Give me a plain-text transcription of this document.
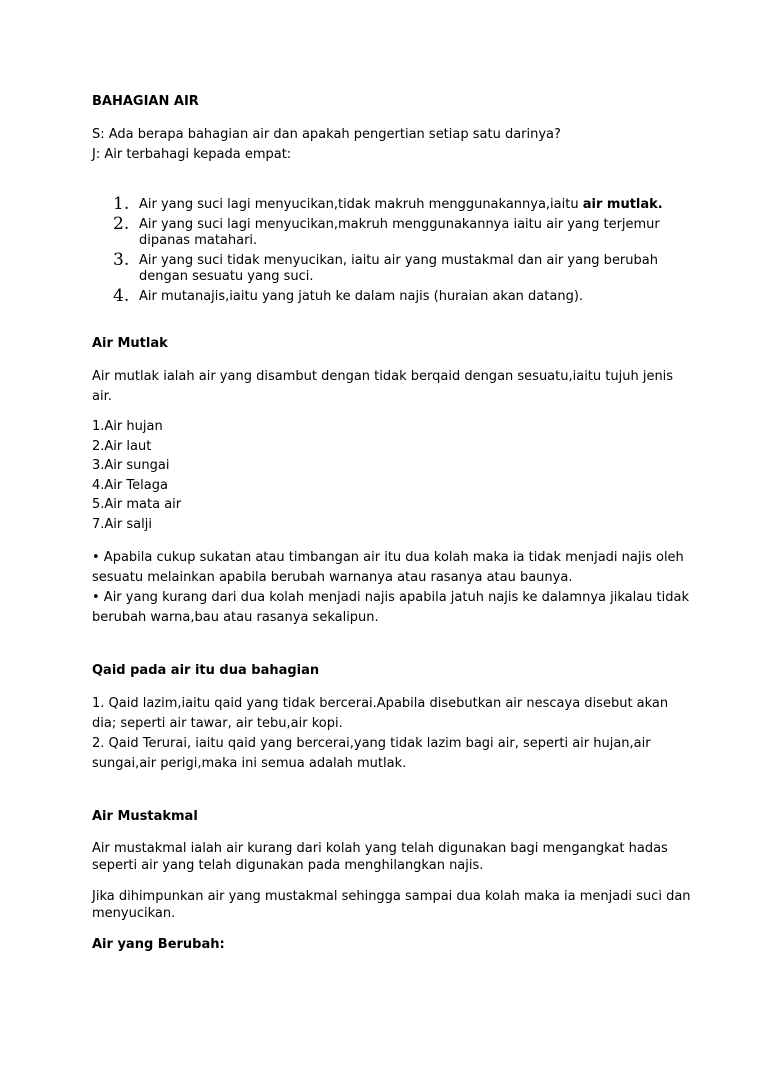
BAHAGIAN AIR

S: Ada berapa bahagian air dan apakah pengertian setiap satu darinya?

J: Air terbahagi kepada empat:

1. Air yang suci lagi menyucikan,tidak makruh menggunakannya,iaitu air mutlak.
2. Air yang suci lagi menyucikan,makruh menggunakannya iaitu air yang terjemur dipanas matahari.
3. Air yang suci tidak menyucikan, iaitu air yang mustakmal dan air yang berubah dengan sesuatu yang suci.
4. Air mutanajis,iaitu yang jatuh ke dalam najis (huraian akan datang).

Air Mutlak

Air mutlak ialah air yang disambut dengan tidak berqaid dengan sesuatu,iaitu tujuh jenis air.

1.Air hujan

2.Air laut

3.Air sungai

4.Air Telaga

5.Air mata air

7.Air salji

• Apabila cukup sukatan atau timbangan air itu dua kolah maka ia tidak menjadi najis oleh sesuatu melainkan apabila berubah warnanya atau rasanya atau baunya.

• Air yang kurang dari dua kolah menjadi najis apabila jatuh najis ke dalamnya jikalau tidak berubah warna,bau atau rasanya sekalipun.

Qaid pada air itu dua bahagian

1. Qaid lazim,iaitu qaid yang tidak bercerai.Apabila disebutkan air nescaya disebut akan dia; seperti air tawar, air tebu,air kopi.

2. Qaid Terurai, iaitu qaid yang bercerai,yang tidak lazim bagi air, seperti air hujan,air sungai,air perigi,maka ini semua adalah mutlak.

Air Mustakmal

Air mustakmal ialah air kurang dari kolah yang telah digunakan bagi mengangkat hadas seperti air yang telah digunakan pada menghilangkan najis.

Jika dihimpunkan air yang mustakmal sehingga sampai dua kolah maka ia menjadi suci dan menyucikan.

Air yang Berubah:
